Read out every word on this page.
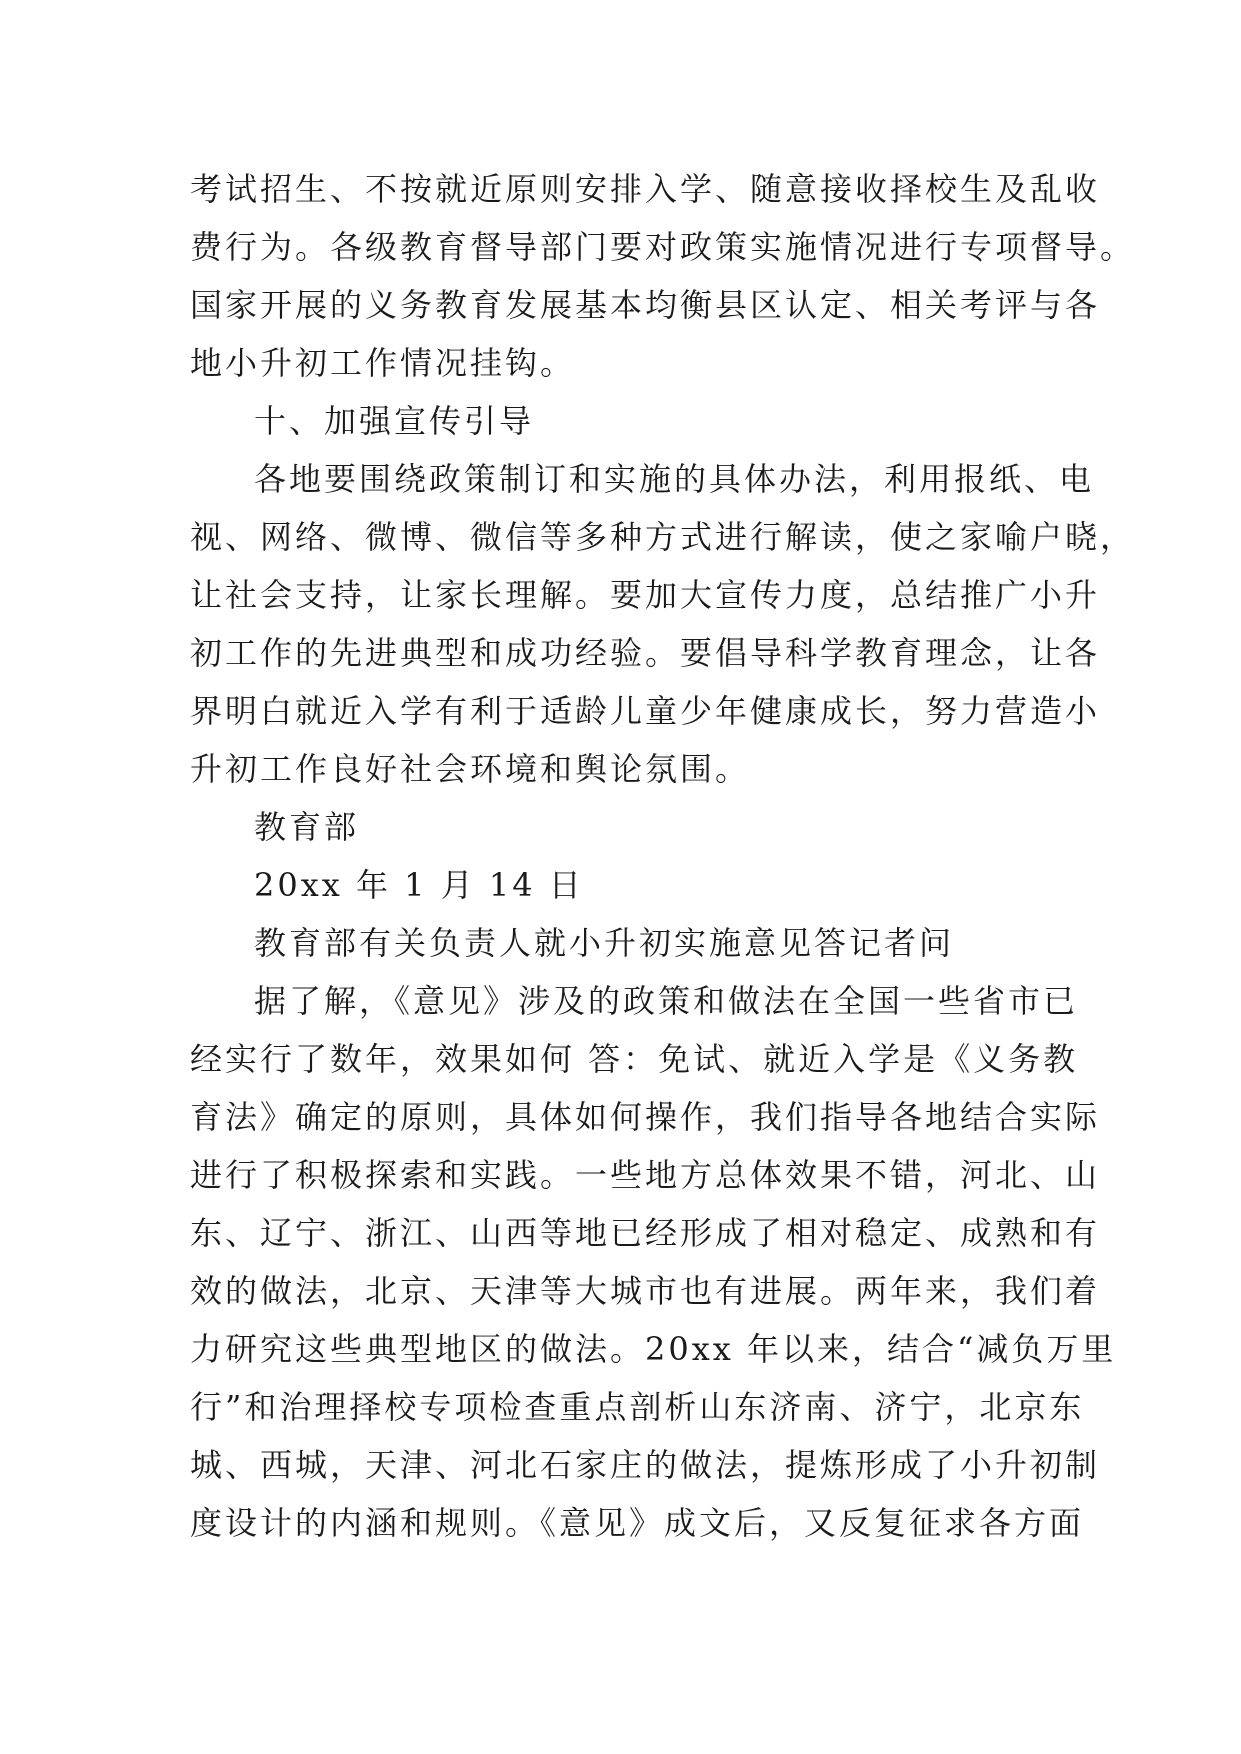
考试招生、不按就近原则安排入学、随意接收择校生及乱收
费行为。各级教育督导部门要对政策实施情况进行专项督导。
国家开展的义务教育发展基本均衡县区认定、相关考评与各
地小升初工作情况挂钩。
十、加强宣传引导
各地要围绕政策制订和实施的具体办法，利用报纸、电
视、网络、微博、微信等多种方式进行解读，使之家喻户晓，
让社会支持，让家长理解。要加大宣传力度，总结推广小升
初工作的先进典型和成功经验。要倡导科学教育理念，让各
界明白就近入学有利于适龄儿童少年健康成长，努力营造小
升初工作良好社会环境和舆论氛围。
教育部
20xx 年 1 月 14 日
教育部有关负责人就小升初实施意见答记者问
据了解，《意见》涉及的政策和做法在全国一些省市已
经实行了数年，效果如何 答：免试、就近入学是《义务教
育法》确定的原则，具体如何操作，我们指导各地结合实际
进行了积极探索和实践。一些地方总体效果不错，河北、山
东、辽宁、浙江、山西等地已经形成了相对稳定、成熟和有
效的做法，北京、天津等大城市也有进展。两年来，我们着
力研究这些典型地区的做法。20xx 年以来，结合“减负万里
行”和治理择校专项检查重点剖析山东济南、济宁，北京东
城、西城，天津、河北石家庄的做法，提炼形成了小升初制
度设计的内涵和规则。《意见》成文后，又反复征求各方面
